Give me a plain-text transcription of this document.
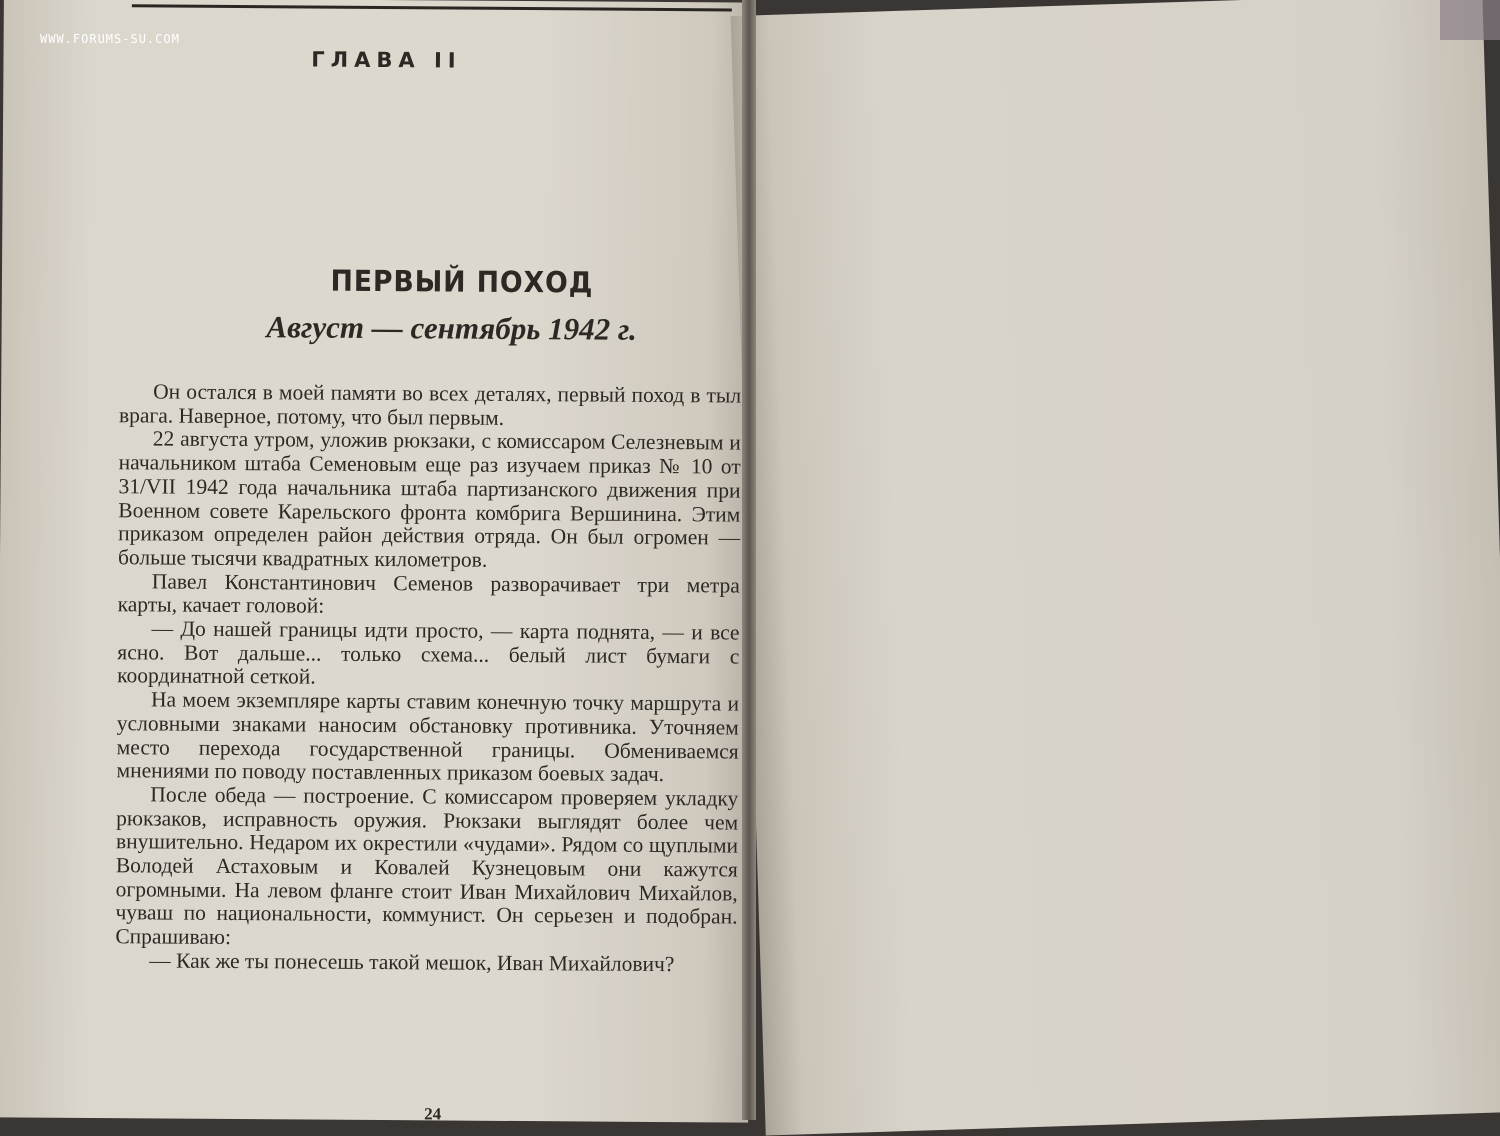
WWW.FORUMS-SU.COM
ГЛАВА II
ПЕРВЫЙ ПОХОД
Август — сентябрь 1942 г.

Он остался в моей памяти во всех деталях, первый поход в тыл врага. Наверное, потому, что был первым.

22 августа утром, уложив рюкзаки, с комиссаром Селезневым и начальником штаба Семеновым еще раз изучаем приказ № 10 от 31/VII 1942 года начальника штаба партизанского движения при Военном совете Карельского фронта комбрига Вершинина. Этим приказом определен район действия отряда. Он был огромен — больше тысячи квадратных километров.

Павел Константинович Семенов разворачивает три метра карты, качает головой:

— До нашей границы идти просто, — карта поднята, — и все ясно. Вот дальше... только схема... белый лист бумаги с координатной сеткой.

На моем экземпляре карты ставим конечную точку маршрута и условными знаками наносим обстановку противника. Уточняем место перехода государственной границы. Обмениваемся мнениями по поводу поставленных приказом боевых задач.

После обеда — построение. С комиссаром проверяем укладку рюкзаков, исправность оружия. Рюкзаки выглядят более чем внушительно. Недаром их окрестили «чудами». Рядом со щуплыми Володей Астаховым и Ковалей Кузнецовым они кажутся огромными. На левом фланге стоит Иван Михайлович Михайлов, чуваш по национальности, коммунист. Он серьезен и подобран. Спрашиваю:

— Как же ты понесешь такой мешок, Иван Михайлович?

24
